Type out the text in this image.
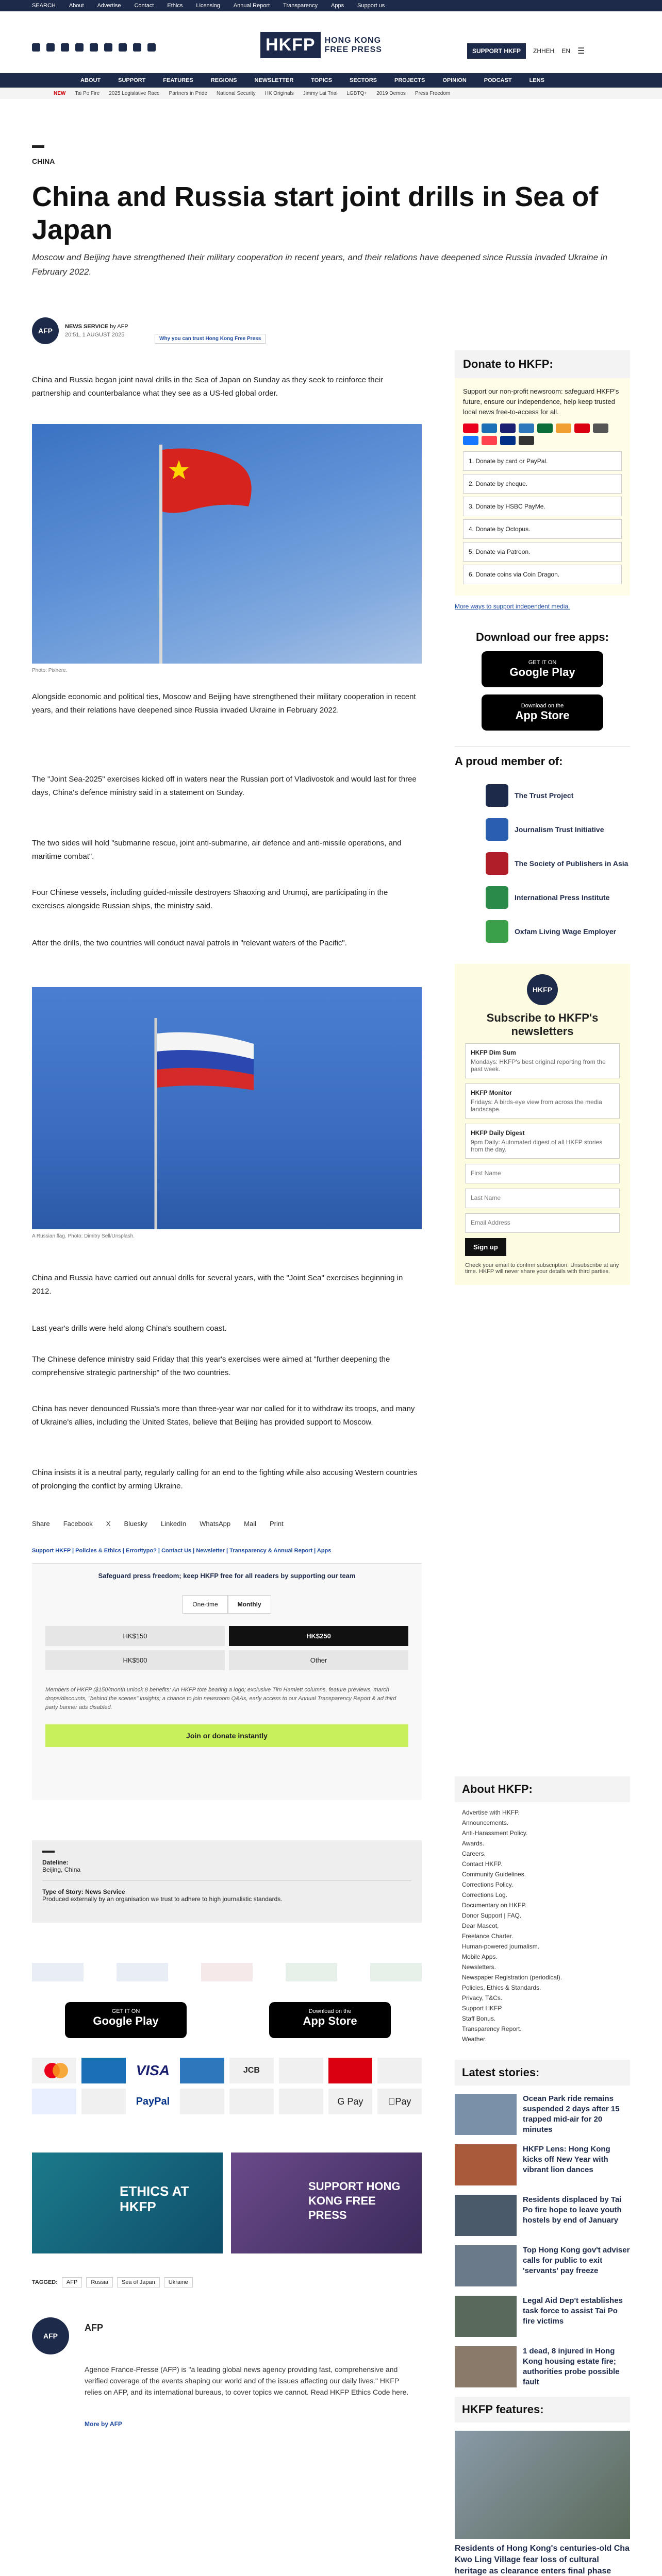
SEARCH About Advertise Contact Ethics Licensing Annual Report Transparency Apps Support us
HKFP	HONG KONG
FREE PRESS	SUPPORT HKFP	ZHHEH EN ☰
ABOUT	SUPPORT	FEATURES	REGIONS	NEWSLETTER	TOPICS	SECTORS	PROJECTS	OPINION	PODCAST	LENS
NEW Tai Po Fire 2025 Legislative Race Partners in Pride National Security HK Originals Jimmy Lai Trial LGBTQ+ 2019 Demos Press Freedom
CHINA
China and Russia start joint drills in Sea of Japan
Moscow and Beijing have strengthened their military cooperation in recent years, and their relations have deepened since Russia invaded Ukraine in February 2022.
AFP	NEWS SERVICE by AFP
20:51, 1 AUGUST 2025
Why you can trust Hong Kong Free Press
China and Russia began joint naval drills in the Sea of Japan on Sunday as they seek to reinforce their partnership and counterbalance what they see as a US-led global order.
Photo: Pixhere.
Alongside economic and political ties, Moscow and Beijing have strengthened their military cooperation in recent years, and their relations have deepened since Russia invaded Ukraine in February 2022.
The "Joint Sea-2025" exercises kicked off in waters near the Russian port of Vladivostok and would last for three days, China's defence ministry said in a statement on Sunday.
The two sides will hold "submarine rescue, joint anti-submarine, air defence and anti-missile operations, and maritime combat".
Four Chinese vessels, including guided-missile destroyers Shaoxing and Urumqi, are participating in the exercises alongside Russian ships, the ministry said.
After the drills, the two countries will conduct naval patrols in "relevant waters of the Pacific".
A Russian flag. Photo: Dimitry Sell/Unsplash.
China and Russia have carried out annual drills for several years, with the "Joint Sea" exercises beginning in 2012.
Last year's drills were held along China's southern coast.
The Chinese defence ministry said Friday that this year's exercises were aimed at "further deepening the comprehensive strategic partnership" of the two countries.
China has never denounced Russia's more than three-year war nor called for it to withdraw its troops, and many of Ukraine's allies, including the United States, believe that Beijing has provided support to Moscow.
China insists it is a neutral party, regularly calling for an end to the fighting while also accusing Western countries of prolonging the conflict by arming Ukraine.
Share Facebook X Bluesky LinkedIn WhatsApp Mail Print
Support HKFP | Policies & Ethics | Error/typo? | Contact Us | Newsletter | Transparency & Annual Report | Apps
Safeguard press freedom; keep HKFP free for all readers by supporting our team
One-time	Monthly
HK$150	HK$250
HK$500	Other
Members of HKFP ($150/month unlock 8 benefits: An HKFP tote bearing a logo; exclusive Tim Hamlett columns, feature previews, march drops/discounts, "behind the scenes" insights; a chance to join newsroom Q&As, early access to our Annual Transparency Report & ad third party banner ads disabled.
Join or donate instantly
Dateline:
Beijing, China
Type of Story: News Service
Produced externally by an organisation we trust to adhere to high journalistic standards.
GET IT ON
Google Play
Download on the
App Store
VISA	JCB
PayPal	G Pay	Pay
ETHICS AT HKFP
SUPPORT HONG KONG FREE PRESS
TAGGED:	AFP	Russia	Sea of Japan	Ukraine
AFP
AFP
Agence France-Presse (AFP) is "a leading global news agency providing fast, comprehensive and verified coverage of the events shaping our world and of the issues affecting our daily lives." HKFP relies on AFP, and its international bureaus, to cover topics we cannot. Read HKFP Ethics Code here.
More by AFP
Donate to HKFP:
Support our non-profit newsroom: safeguard HKFP's future, ensure our independence, help keep trusted local news free-to-access for all.
1. Donate by card or PayPal.
2. Donate by cheque.
3. Donate by HSBC PayMe.
4. Donate by Octopus.
5. Donate via Patreon.
6. Donate coins via Coin Dragon.
More ways to support independent media.
Download our free apps:
GET IT ON
Google Play
Download on the
App Store
A proud member of:
The Trust Project
Journalism Trust Initiative
The Society of Publishers in Asia
International Press Institute
Oxfam Living Wage Employer
HKFP
Subscribe to HKFP's newsletters
HKFP Dim Sum
Mondays: HKFP's best original reporting from the past week.
HKFP Monitor
Fridays: A birds-eye view from across the media landscape.
HKFP Daily Digest
9pm Daily: Automated digest of all HKFP stories from the day.
First Name
Last Name
Email Address
Sign up
Check your email to confirm subscription. Unsubscribe at any time. HKFP will never share your details with third parties.
About HKFP:
Advertise with HKFP.
Announcements.
Anti-Harassment Policy.
Awards.
Careers.
Contact HKFP.
Community Guidelines.
Corrections Policy.
Corrections Log.
Documentary on HKFP.
Donor Support | FAQ.
Dear Mascot,
Freelance Charter.
Human-powered journalism.
Mobile Apps.
Newsletters.
Newspaper Registration (periodical).
Policies, Ethics & Standards.
Privacy, T&Cs.
Support HKFP.
Staff Bonus.
Transparency Report.
Weather.
Latest stories:
Ocean Park ride remains suspended 2 days after 15 trapped mid-air for 20 minutes
HKFP Lens: Hong Kong kicks off New Year with vibrant lion dances
Residents displaced by Tai Po fire hope to leave youth hostels by end of January
Top Hong Kong gov't adviser calls for public to exit 'servants' pay freeze
Legal Aid Dep't establishes task force to assist Tai Po fire victims
1 dead, 8 injured in Hong Kong housing estate fire; authorities probe possible fault
HKFP features:
Residents of Hong Kong's centuries-old Cha Kwo Ling Village fear loss of cultural heritage as clearance enters final phase
